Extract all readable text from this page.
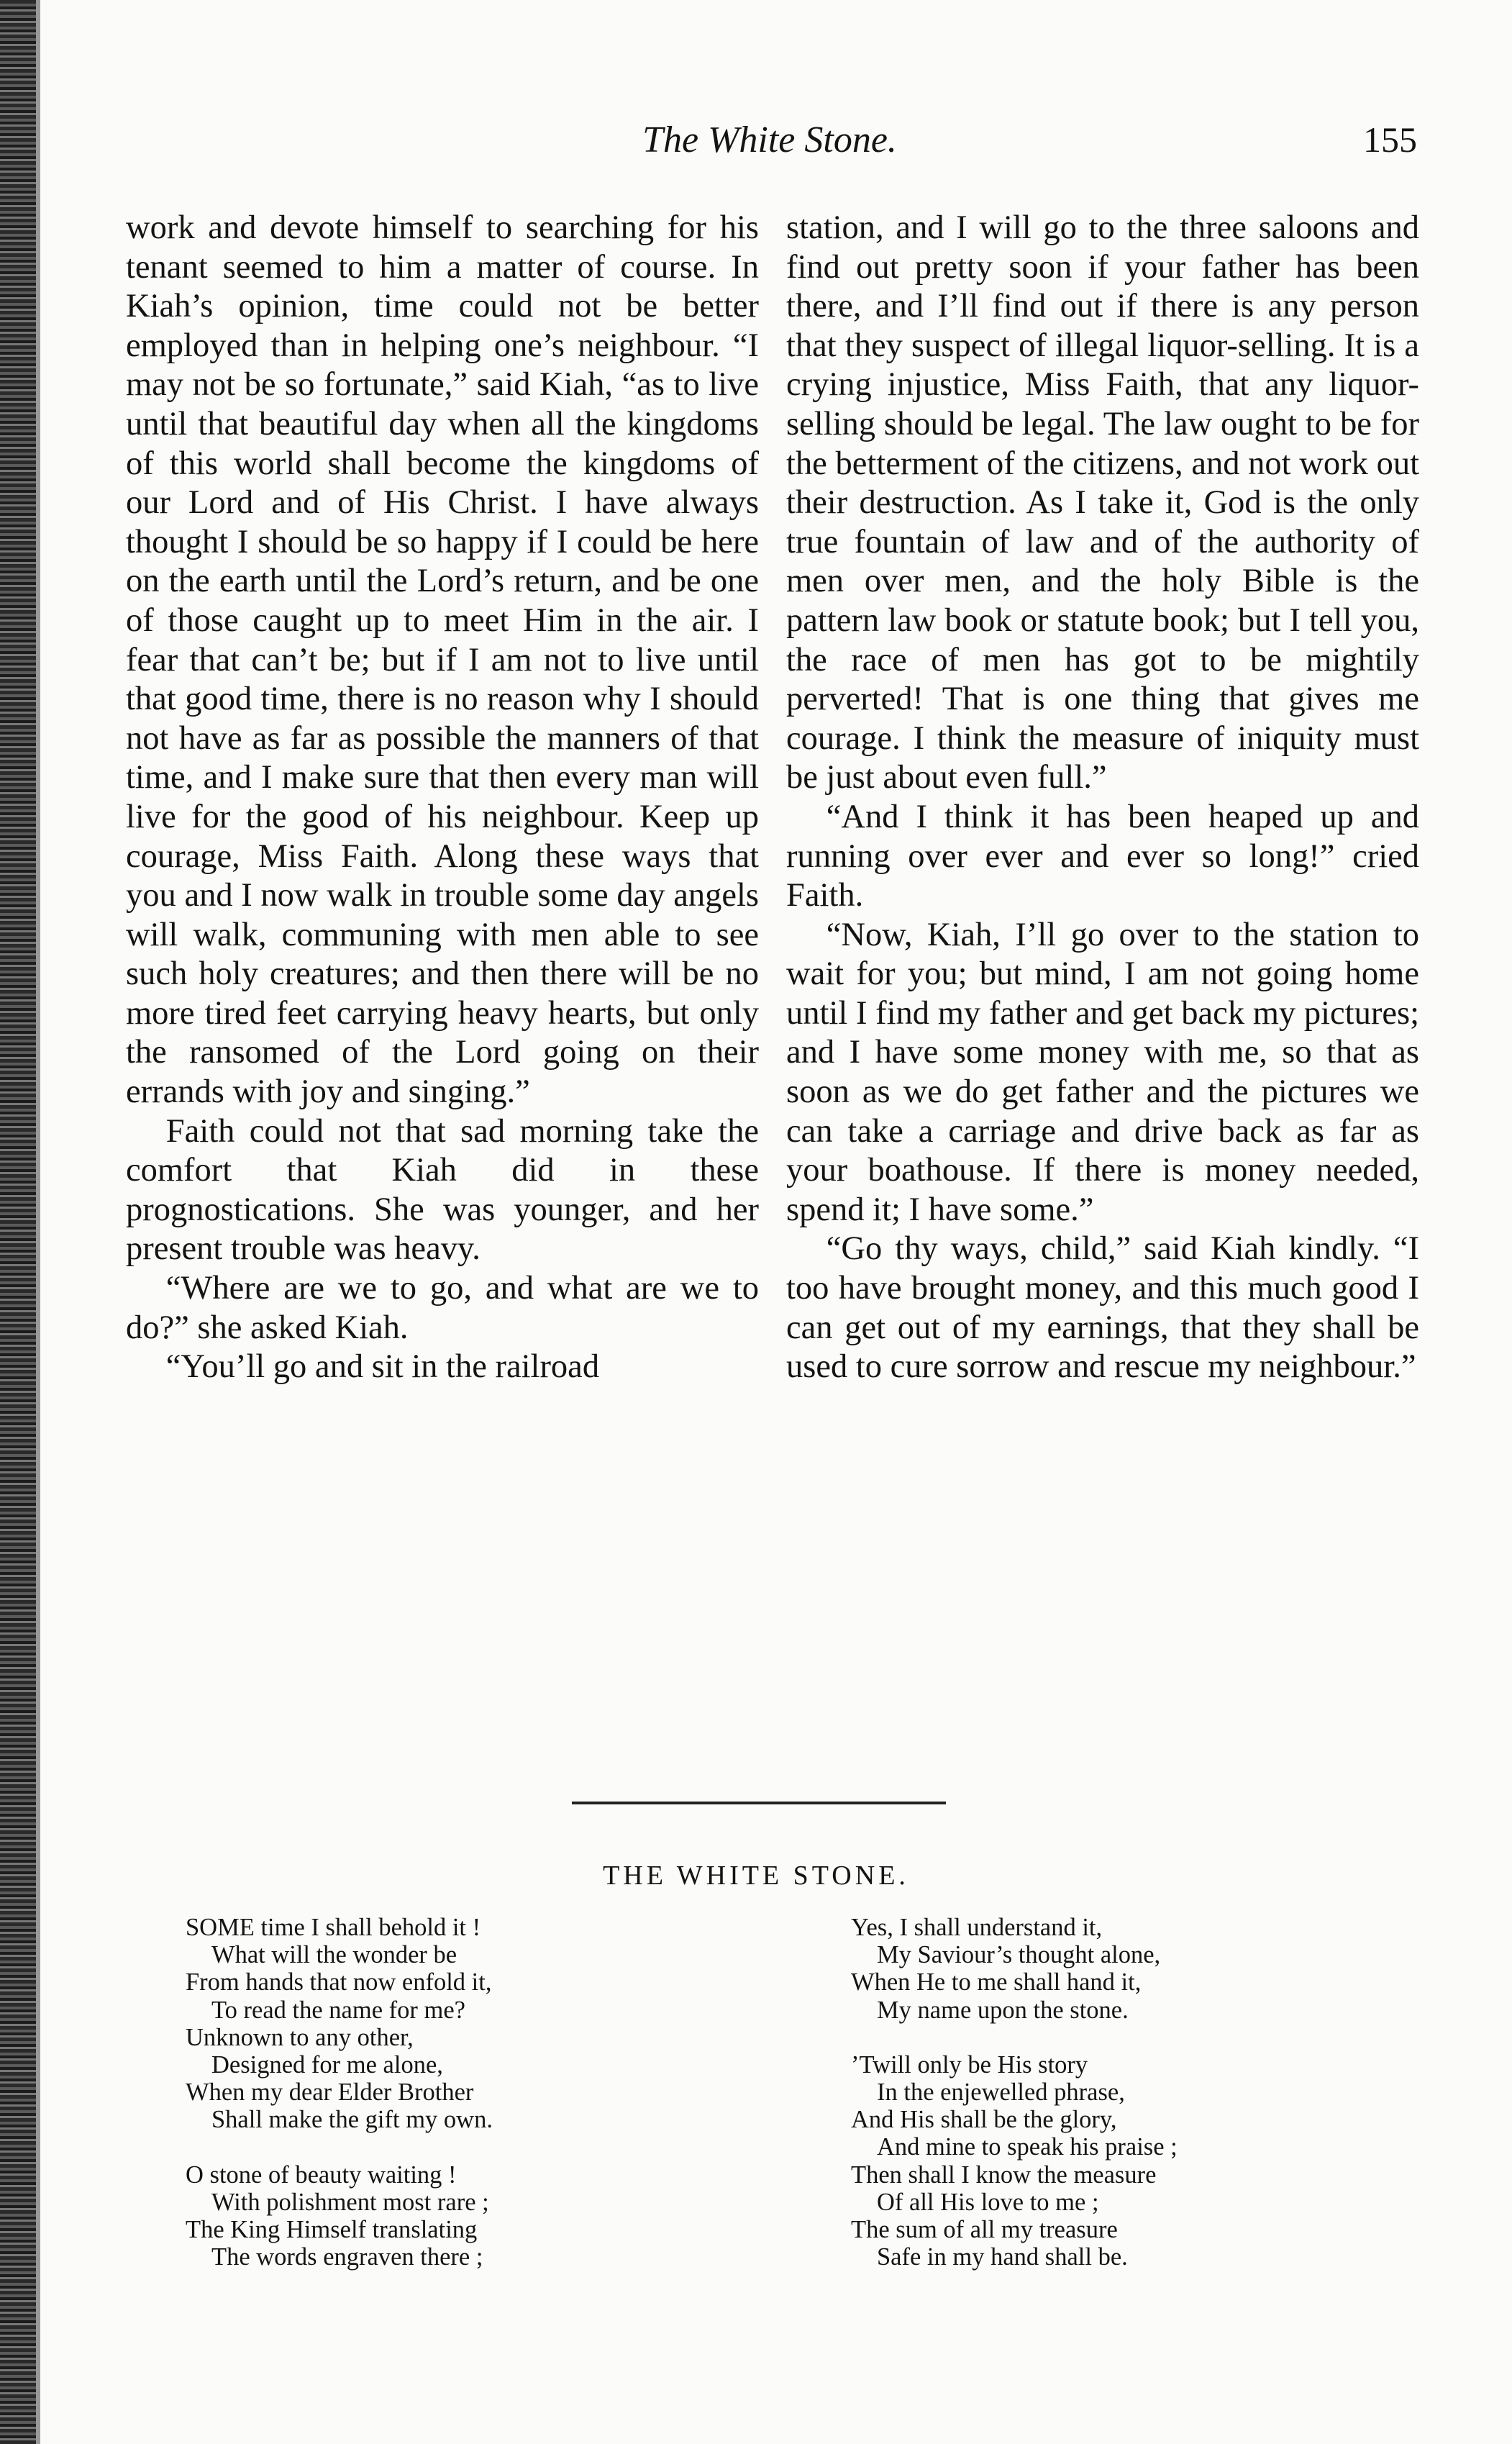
The White Stone.	155

work and devote himself to searching for his tenant seemed to him a matter of course. In Kiah’s opinion, time could not be better employed than in helping one’s neighbour. “I may not be so fortunate,” said Kiah, “as to live until that beautiful day when all the kingdoms of this world shall become the kingdoms of our Lord and of His Christ. I have always thought I should be so happy if I could be here on the earth until the Lord’s return, and be one of those caught up to meet Him in the air. I fear that can’t be; but if I am not to live until that good time, there is no reason why I should not have as far as possible the manners of that time, and I make sure that then every man will live for the good of his neighbour. Keep up courage, Miss Faith. Along these ways that you and I now walk in trouble some day angels will walk, communing with men able to see such holy creatures; and then there will be no more tired feet carrying heavy hearts, but only the ransomed of the Lord going on their errands with joy and singing.”

Faith could not that sad morning take the comfort that Kiah did in these prognostications. She was younger, and her present trouble was heavy.

“Where are we to go, and what are we to do?” she asked Kiah.

“You’ll go and sit in the railroad

station, and I will go to the three saloons and find out pretty soon if your father has been there, and I’ll find out if there is any person that they suspect of illegal liquor-selling. It is a crying injustice, Miss Faith, that any liquor-selling should be legal. The law ought to be for the betterment of the citizens, and not work out their destruction. As I take it, God is the only true fountain of law and of the authority of men over men, and the holy Bible is the pattern law book or statute book; but I tell you, the race of men has got to be mightily perverted! That is one thing that gives me courage. I think the measure of iniquity must be just about even full.”

“And I think it has been heaped up and running over ever and ever so long!” cried Faith.

“Now, Kiah, I’ll go over to the station to wait for you; but mind, I am not going home until I find my father and get back my pictures; and I have some money with me, so that as soon as we do get father and the pictures we can take a carriage and drive back as far as your boathouse. If there is money needed, spend it; I have some.”

“Go thy ways, child,” said Kiah kindly. “I too have brought money, and this much good I can get out of my earnings, that they shall be used to cure sorrow and rescue my neighbour.”

THE WHITE STONE.
SOME time I shall behold it !
What will the wonder be
From hands that now enfold it,
To read the name for me?
Unknown to any other,
Designed for me alone,
When my dear Elder Brother
Shall make the gift my own.
O stone of beauty waiting !
With polishment most rare ;
The King Himself translating
The words engraven there ;
Yes, I shall understand it,
My Saviour’s thought alone,
When He to me shall hand it,
My name upon the stone.
’Twill only be His story
In the enjewelled phrase,
And His shall be the glory,
And mine to speak his praise ;
Then shall I know the measure
Of all His love to me ;
The sum of all my treasure
Safe in my hand shall be.
